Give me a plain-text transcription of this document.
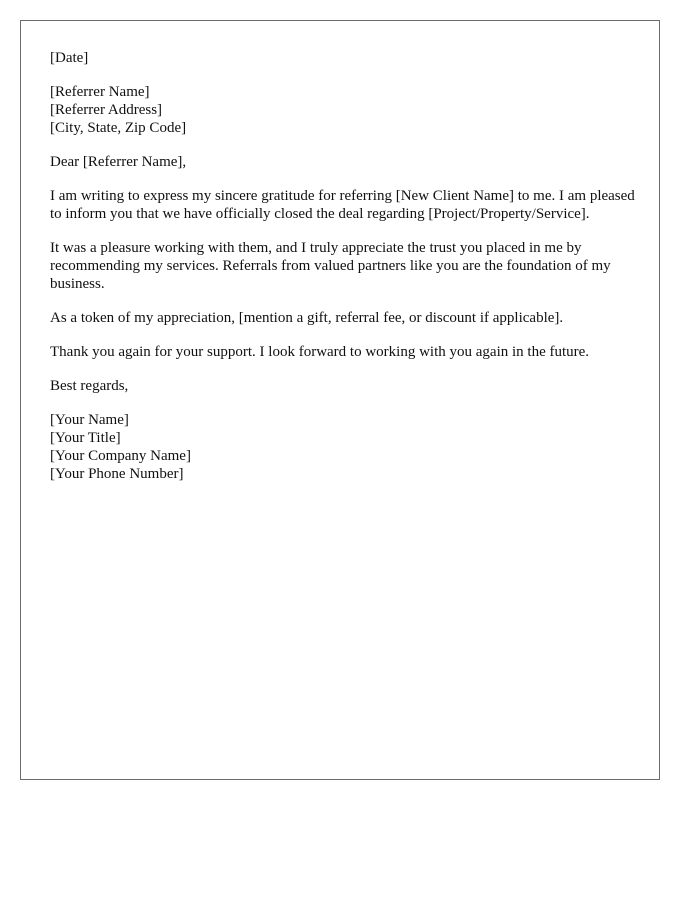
[Date]
[Referrer Name]
[Referrer Address]
[City, State, Zip Code]
Dear [Referrer Name],

I am writing to express my sincere gratitude for referring [New Client Name] to me. I am pleased to inform you that we have officially closed the deal regarding [Project/Property/Service].

It was a pleasure working with them, and I truly appreciate the trust you placed in me by recommending my services. Referrals from valued partners like you are the foundation of my business.

As a token of my appreciation, [mention a gift, referral fee, or discount if applicable].

Thank you again for your support. I look forward to working with you again in the future.

Best regards,
[Your Name]
[Your Title]
[Your Company Name]
[Your Phone Number]
